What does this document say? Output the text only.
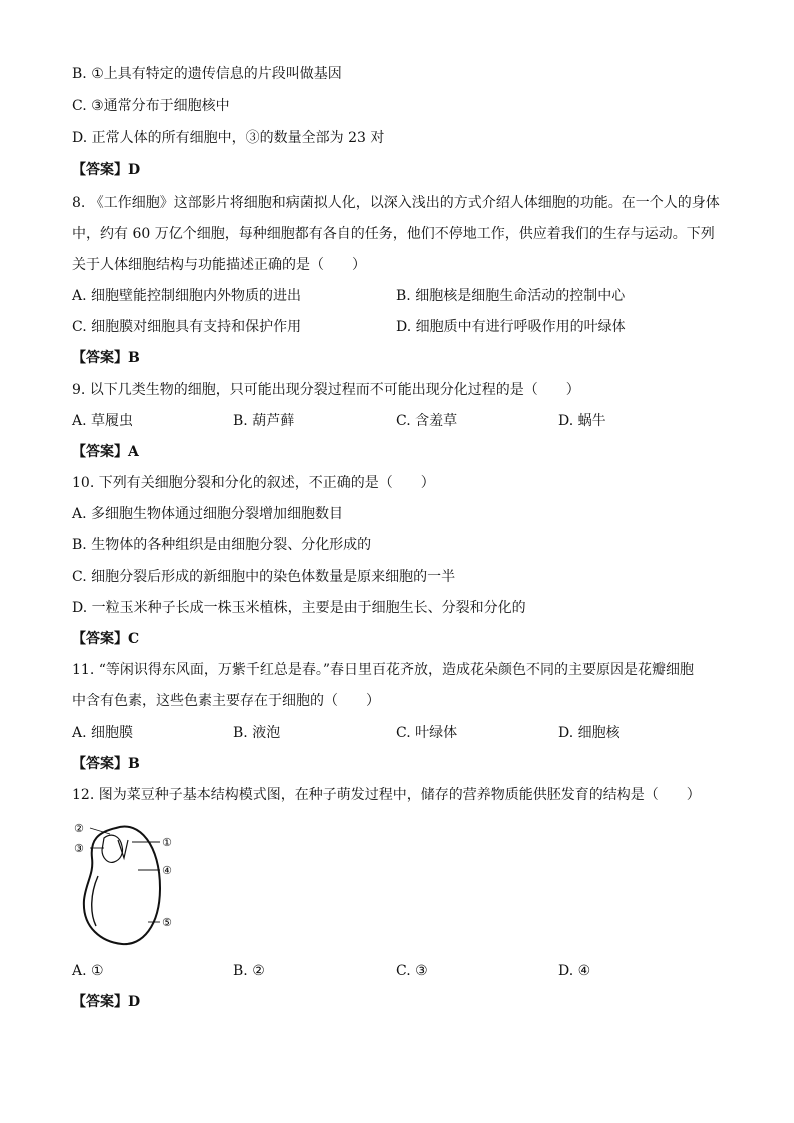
B. ①上具有特定的遗传信息的片段叫做基因
C. ③通常分布于细胞核中
D. 正常人体的所有细胞中，③的数量全部为 23 对
【答案】D
8. 《工作细胞》这部影片将细胞和病菌拟人化，以深入浅出的方式介绍人体细胞的功能。在一个人的身体
中，约有 60 万亿个细胞，每种细胞都有各自的任务，他们不停地工作，供应着我们的生存与运动。下列
关于人体细胞结构与功能描述正确的是（　　）
A. 细胞壁能控制细胞内外物质的进出	B. 细胞核是细胞生命活动的控制中心
C. 细胞膜对细胞具有支持和保护作用	D. 细胞质中有进行呼吸作用的叶绿体
【答案】B
9. 以下几类生物的细胞，只可能出现分裂过程而不可能出现分化过程的是（　　）
A. 草履虫	B. 葫芦藓	C. 含羞草	D. 蜗牛
【答案】A
10. 下列有关细胞分裂和分化的叙述，不正确的是（　　）
A. 多细胞生物体通过细胞分裂增加细胞数目
B. 生物体的各种组织是由细胞分裂、分化形成的
C. 细胞分裂后形成的新细胞中的染色体数量是原来细胞的一半
D. 一粒玉米种子长成一株玉米植株，主要是由于细胞生长、分裂和分化的
【答案】C
11. “等闲识得东风面，万紫千红总是春。”春日里百花齐放，造成花朵颜色不同的主要原因是花瓣细胞
中含有色素，这些色素主要存在于细胞的（　　）
A. 细胞膜	B. 液泡	C. 叶绿体	D. 细胞核
【答案】B
12. 图为菜豆种子基本结构模式图，在种子萌发过程中，储存的营养物质能供胚发育的结构是（　　）
②
①
③
④
⑤
A. ①	B. ②	C. ③	D. ④
【答案】D
